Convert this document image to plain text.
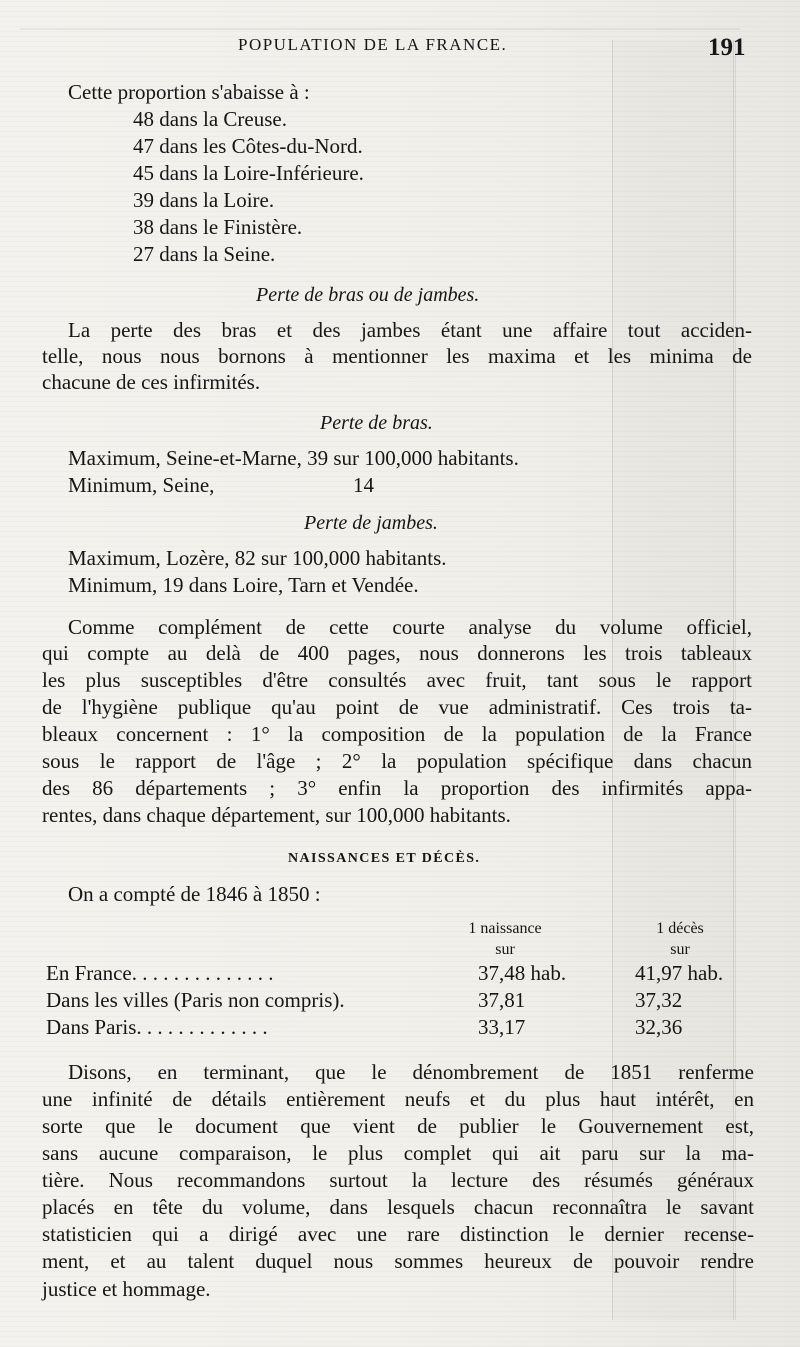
POPULATION DE LA FRANCE.	191
Cette proportion s'abaisse à :
48 dans la Creuse.
47 dans les Côtes-du-Nord.
45 dans la Loire-Inférieure.
39 dans la Loire.
38 dans le Finistère.
27 dans la Seine.
Perte de bras ou de jambes.
La perte des bras et des jambes étant une affaire tout acciden-
telle, nous nous bornons à mentionner les maxima et les minima de
chacune de ces infirmités.
Perte de bras.
Maximum, Seine-et-Marne, 39 sur 100,000 habitants.
Minimum, Seine,	14
Perte de jambes.
Maximum, Lozère, 82 sur 100,000 habitants.
Minimum, 19 dans Loire, Tarn et Vendée.
Comme complément de cette courte analyse du volume officiel,
qui compte au delà de 400 pages, nous donnerons les trois tableaux
les plus susceptibles d'être consultés avec fruit, tant sous le rapport
de l'hygiène publique qu'au point de vue administratif. Ces trois ta-
bleaux concernent : 1° la composition de la population de la France
sous le rapport de l'âge ; 2° la population spécifique dans chacun
des 86 départements ; 3° enfin la proportion des infirmités appa-
rentes, dans chaque département, sur 100,000 habitants.
NAISSANCES ET DÉCÈS.
On a compté de 1846 à 1850 :
1 naissance
sur
1 décès
sur
En France. . . . . . . . . . . . . .	37,48 hab.	41,97 hab.
Dans les villes (Paris non compris).	37,81	37,32
Dans Paris. . . . . . . . . . . . .	33,17	32,36
Disons, en terminant, que le dénombrement de 1851 renferme
une infinité de détails entièrement neufs et du plus haut intérêt, en
sorte que le document que vient de publier le Gouvernement est,
sans aucune comparaison, le plus complet qui ait paru sur la ma-
tière. Nous recommandons surtout la lecture des résumés généraux
placés en tête du volume, dans lesquels chacun reconnaîtra le savant
statisticien qui a dirigé avec une rare distinction le dernier recense-
ment, et au talent duquel nous sommes heureux de pouvoir rendre
justice et hommage.
